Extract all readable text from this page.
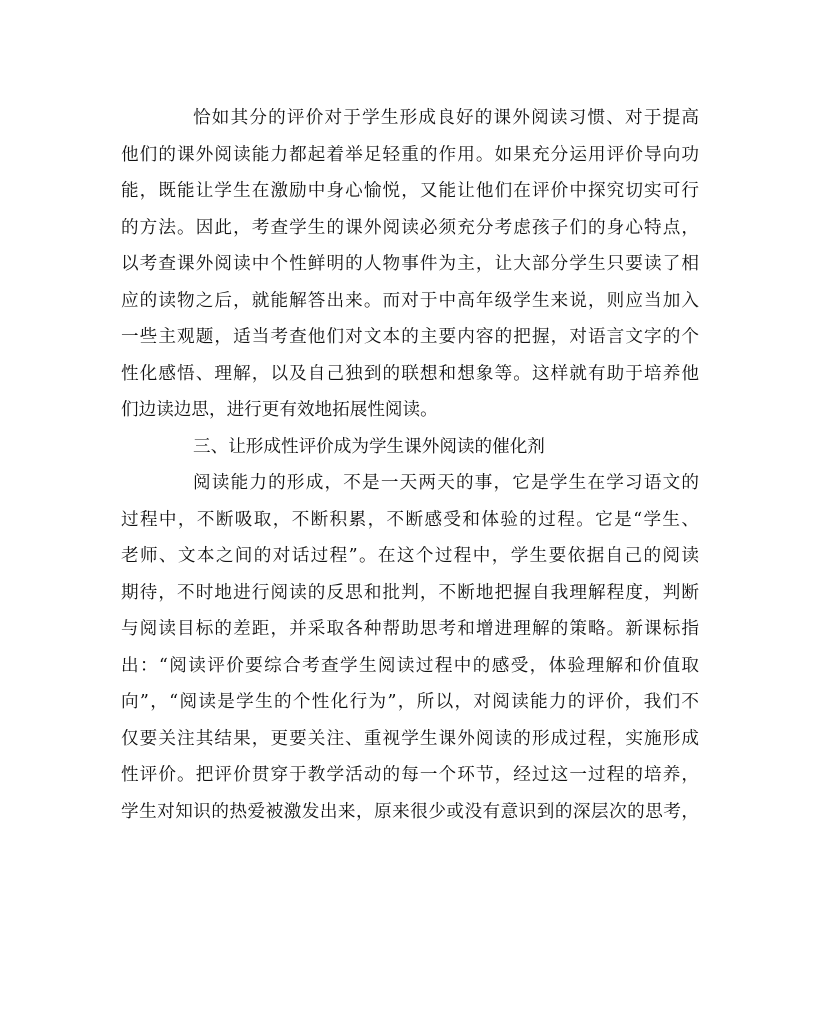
恰如其分的评价对于学生形成良好的课外阅读习惯、对于提高
他们的课外阅读能力都起着举足轻重的作用。如果充分运用评价导向功
能，既能让学生在激励中身心愉悦，又能让他们在评价中探究切实可行
的方法。因此，考查学生的课外阅读必须充分考虑孩子们的身心特点，
以考查课外阅读中个性鲜明的人物事件为主，让大部分学生只要读了相
应的读物之后，就能解答出来。而对于中高年级学生来说，则应当加入
一些主观题，适当考查他们对文本的主要内容的把握，对语言文字的个
性化感悟、理解，以及自己独到的联想和想象等。这样就有助于培养他
们边读边思，进行更有效地拓展性阅读。
三、让形成性评价成为学生课外阅读的催化剂
阅读能力的形成，不是一天两天的事，它是学生在学习语文的
过程中，不断吸取，不断积累，不断感受和体验的过程。它是“学生、
老师、文本之间的对话过程”。在这个过程中，学生要依据自己的阅读
期待，不时地进行阅读的反思和批判，不断地把握自我理解程度，判断
与阅读目标的差距，并采取各种帮助思考和增进理解的策略。新课标指
出：“阅读评价要综合考查学生阅读过程中的感受，体验理解和价值取
向”，“阅读是学生的个性化行为”，所以，对阅读能力的评价，我们不
仅要关注其结果，更要关注、重视学生课外阅读的形成过程，实施形成
性评价。把评价贯穿于教学活动的每一个环节，经过这一过程的培养，
学生对知识的热爱被激发出来，原来很少或没有意识到的深层次的思考，
